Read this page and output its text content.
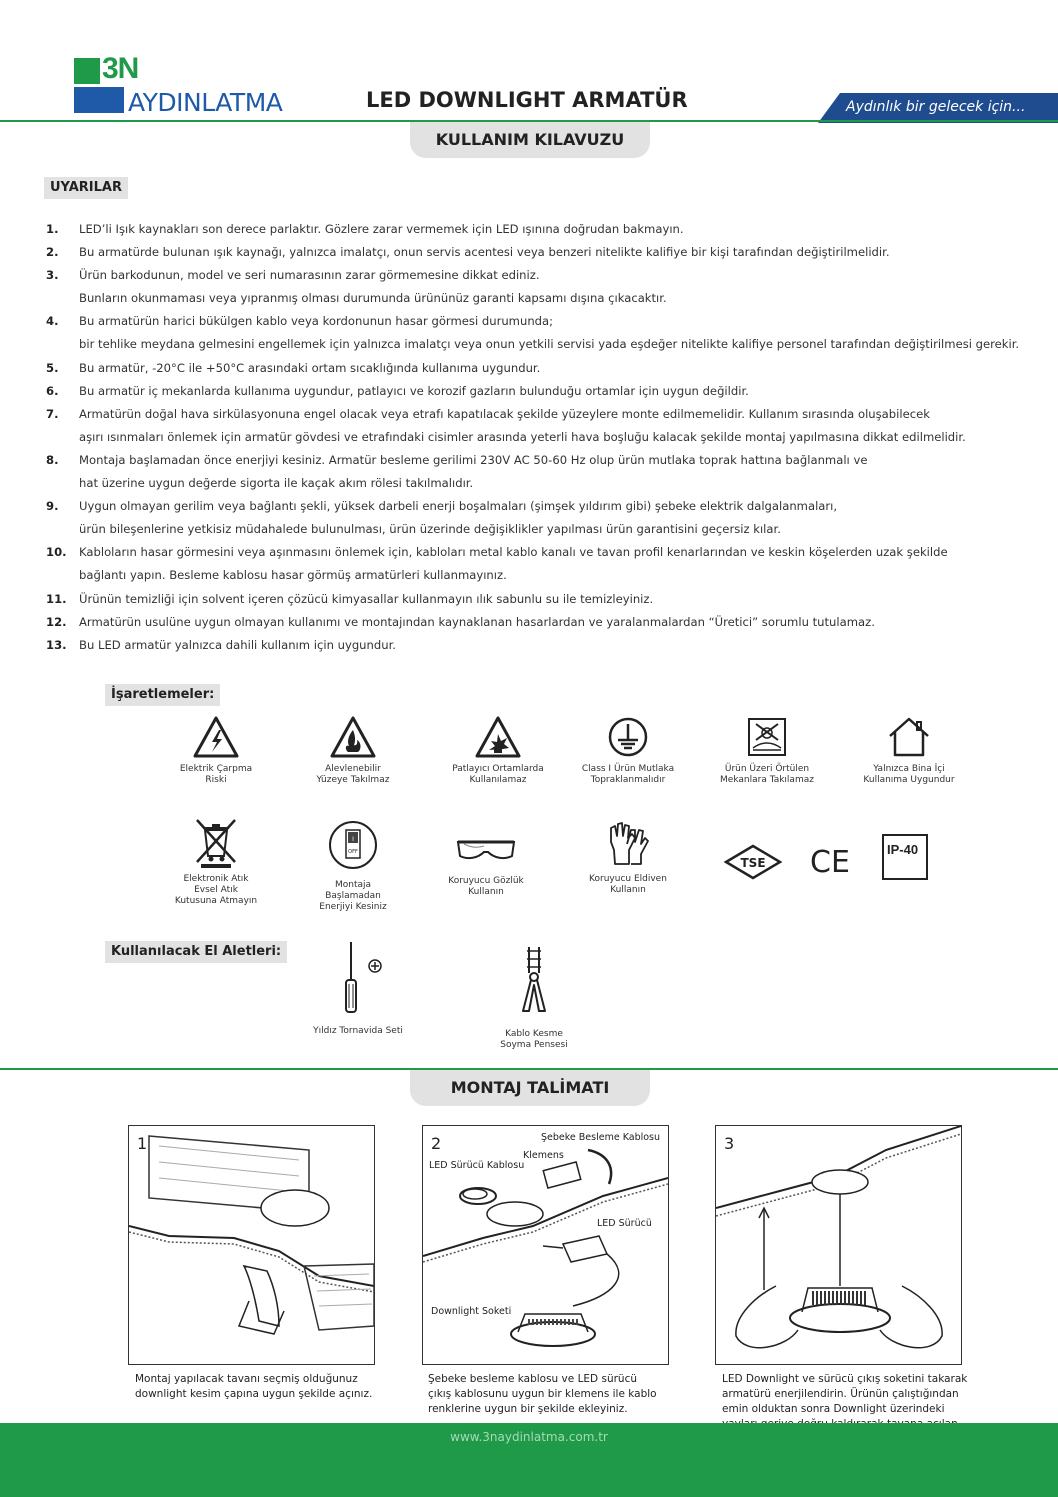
3N
AYDINLATMA	LED DOWNLIGHT ARMATÜR	Aydınlık bir gelecek için...
KULLANIM KILAVUZU
UYARILAR
1.	LED’li Işık kaynakları son derece parlaktır. Gözlere zarar vermemek için LED ışınına doğrudan bakmayın.
2.	Bu armatürde bulunan ışık kaynağı, yalnızca imalatçı, onun servis acentesi veya benzeri nitelikte kalifiye bir kişi tarafından değiştirilmelidir.
3.	Ürün barkodunun, model ve seri numarasının zarar görmemesine dikkat ediniz.
Bunların okunmaması veya yıpranmış olması durumunda ürününüz garanti kapsamı dışına çıkacaktır.
4.	Bu armatürün harici bükülgen kablo veya kordonunun hasar görmesi durumunda;
bir tehlike meydana gelmesini engellemek için yalnızca imalatçı veya onun yetkili servisi yada eşdeğer nitelikte kalifiye personel tarafından değiştirilmesi gerekir.
5.	Bu armatür, -20°C ile +50°C arasındaki ortam sıcaklığında kullanıma uygundur.
6.	Bu armatür iç mekanlarda kullanıma uygundur, patlayıcı ve korozif gazların bulunduğu ortamlar için uygun değildir.
7.	Armatürün doğal hava sirkülasyonuna engel olacak veya etrafı kapatılacak şekilde yüzeylere monte edilmemelidir. Kullanım sırasında oluşabilecek
aşırı ısınmaları önlemek için armatür gövdesi ve etrafındaki cisimler arasında yeterli hava boşluğu kalacak şekilde montaj yapılmasına dikkat edilmelidir.
8.	Montaja başlamadan önce enerjiyi kesiniz. Armatür besleme gerilimi 230V AC 50-60 Hz olup ürün mutlaka toprak hattına bağlanmalı ve
hat üzerine uygun değerde sigorta ile kaçak akım rölesi takılmalıdır.
9.	Uygun olmayan gerilim veya bağlantı şekli, yüksek darbeli enerji boşalmaları (şimşek yıldırım gibi) şebeke elektrik dalgalanmaları,
ürün bileşenlerine yetkisiz müdahalede bulunulması, ürün üzerinde değişiklikler yapılması ürün garantisini geçersiz kılar.
10.	Kabloların hasar görmesini veya aşınmasını önlemek için, kabloları metal kablo kanalı ve tavan profil kenarlarından ve keskin köşelerden uzak şekilde
bağlantı yapın. Besleme kablosu hasar görmüş armatürleri kullanmayınız.
11.	Ürünün temizliği için solvent içeren çözücü kimyasallar kullanmayın ılık sabunlu su ile temizleyiniz.
12.	Armatürün usulüne uygun olmayan kullanımı ve montajından kaynaklanan hasarlardan ve yaralanmalardan “Üretici” sorumlu tutulamaz.
13.	Bu LED armatür yalnızca dahili kullanım için uygundur.
İşaretlemeler:
Elektrik Çarpma
Riski
Alevlenebilir
Yüzeye Takılmaz
Patlayıcı Ortamlarda
Kullanılamaz
Class I Ürün Mutlaka
Topraklanmalıdır
Ürün Üzeri Örtülen
Mekanlara Takılamaz
Yalnızca Bina İçi
Kullanıma Uygundur
Elektronik Atık
Evsel Atık
Kutusuna Atmayın
I
OFF
Montaja
Başlamadan
Enerjiyi Kesiniz
Koruyucu Gözlük
Kullanın
Koruyucu Eldiven
Kullanın
TSE CE	IP-40
Kullanılacak El Aletleri:
Yıldız Tornavida Seti	Kablo Kesme
Soyma Pensesi
MONTAJ TALİMATI
1
Montaj yapılacak tavanı seçmiş olduğunuz
downlight kesim çapına uygun şekilde açınız.
2	Şebeke Besleme Kablosu
Klemens
LED Sürücü Kablosu
LED Sürücü
Downlight Soketi
Şebeke besleme kablosu ve LED sürücü
çıkış kablosunu uygun bir klemens ile kablo
renklerine uygun bir şekilde ekleyiniz.
3
LED Downlight ve sürücü çıkış soketini takarak
armatürü enerjilendirin. Ürünün çalıştığından
emin olduktan sonra Downlight üzerindeki
www.3naydinlatma.com.tr
